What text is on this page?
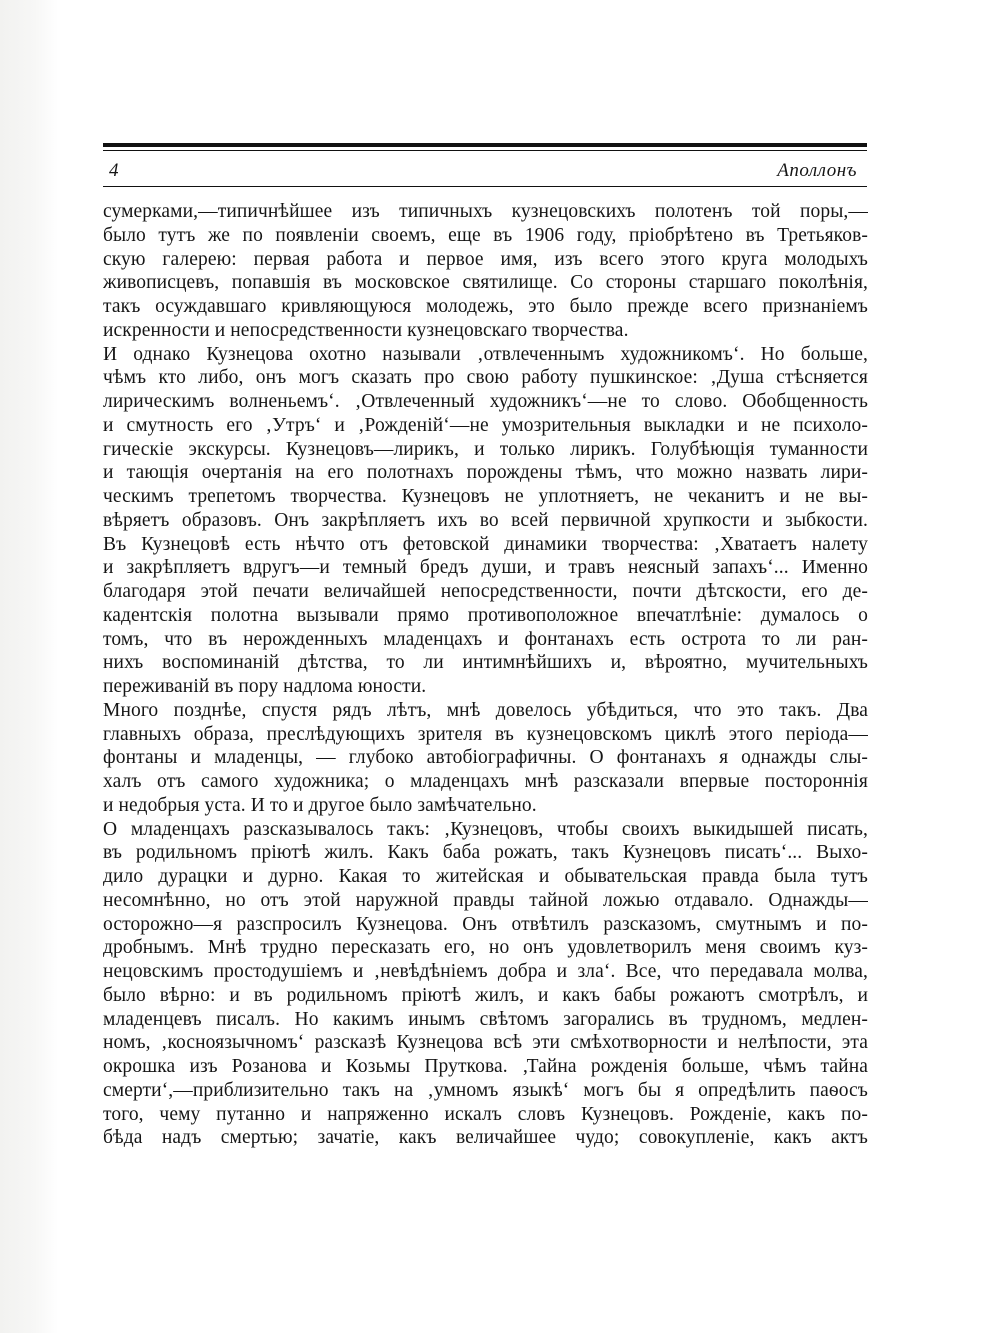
4	Аполлонъ
сумерками,—типичнѣйшее изъ типичныхъ кузнецовскихъ полотенъ той поры,—
было тутъ же по появленіи своемъ, еще въ 1906 году, пріобрѣтено въ Третьяков-
скую галерею: первая работа и первое имя, изъ всего этого круга молодыхъ
живописцевъ, попавшія въ московское святилище. Со стороны старшаго поколѣнія,
такъ осуждавшаго кривляющуюся молодежь, это было прежде всего признаніемъ
искренности и непосредственности кузнецовскаго творчества.
И однако Кузнецова охотно называли ‚отвлеченнымъ художникомъ‘. Но больше,
чѣмъ кто либо, онъ могъ сказать про свою работу пушкинское: ‚Душа стѣсняется
лирическимъ волненьемъ‘. ‚Отвлеченный художникъ‘—не то слово. Обобщенность
и смутность его ‚Утръ‘ и ‚Рожденій‘—не умозрительныя выкладки и не психоло-
гическіе экскурсы. Кузнецовъ—лирикъ, и только лирикъ. Голубѣющія туманности
и тающія очертанія на его полотнахъ порождены тѣмъ, что можно назвать лири-
ческимъ трепетомъ творчества. Кузнецовъ не уплотняетъ, не чеканитъ и не вы-
вѣряетъ образовъ. Онъ закрѣпляетъ ихъ во всей первичной хрупкости и зыбкости.
Въ Кузнецовѣ есть нѣчто отъ фетовской динамики творчества: ‚Хватаетъ налету
и закрѣпляетъ вдругъ—и темный бредъ души, и травъ неясный запахъ‘... Именно
благодаря этой печати величайшей непосредственности, почти дѣтскости, его де-
кадентскія полотна вызывали прямо противоположное впечатлѣніе: думалось о
томъ, что въ нерожденныхъ младенцахъ и фонтанахъ есть острота то ли ран-
нихъ воспоминаній дѣтства, то ли интимнѣйшихъ и, вѣроятно, мучительныхъ
переживаній въ пору надлома юности.
Много позднѣе, спустя рядъ лѣтъ, мнѣ довелось убѣдиться, что это такъ. Два
главныхъ образа, преслѣдующихъ зрителя въ кузнецовскомъ циклѣ этого періода—
фонтаны и младенцы, — глубоко автобіографичны. О фонтанахъ я однажды слы-
халъ отъ самого художника; о младенцахъ мнѣ разсказали впервые постороннія
и недобрыя уста. И то и другое было замѣчательно.
О младенцахъ разсказывалось такъ: ‚Кузнецовъ, чтобы своихъ выкидышей писать,
въ родильномъ пріютѣ жилъ. Какъ баба рожать, такъ Кузнецовъ писать‘... Выхо-
дило дурацки и дурно. Какая то житейская и обывательская правда была тутъ
несомнѣнно, но отъ этой наружной правды тайной ложью отдавало. Однажды—
осторожно—я разспросилъ Кузнецова. Онъ отвѣтилъ разсказомъ, смутнымъ и по-
дробнымъ. Мнѣ трудно пересказать его, но онъ удовлетворилъ меня своимъ куз-
нецовскимъ простодушіемъ и ‚невѣдѣніемъ добра и зла‘. Все, что передавала молва,
было вѣрно: и въ родильномъ пріютѣ жилъ, и какъ бабы рожаютъ смотрѣлъ, и
младенцевъ писалъ. Но какимъ инымъ свѣтомъ загорались въ трудномъ, медлен-
номъ, ‚косноязычномъ‘ разсказѣ Кузнецова всѣ эти смѣхотворности и нелѣпости, эта
окрошка изъ Розанова и Козьмы Пруткова. ‚Тайна рожденія больше, чѣмъ тайна
смерти‘,—приблизительно такъ на ‚умномъ языкѣ‘ могъ бы я опредѣлить паѳосъ
того, чему путанно и напряженно искалъ словъ Кузнецовъ. Рожденіе, какъ по-
бѣда надъ смертью; зачатіе, какъ величайшее чудо; совокупленіе, какъ актъ
